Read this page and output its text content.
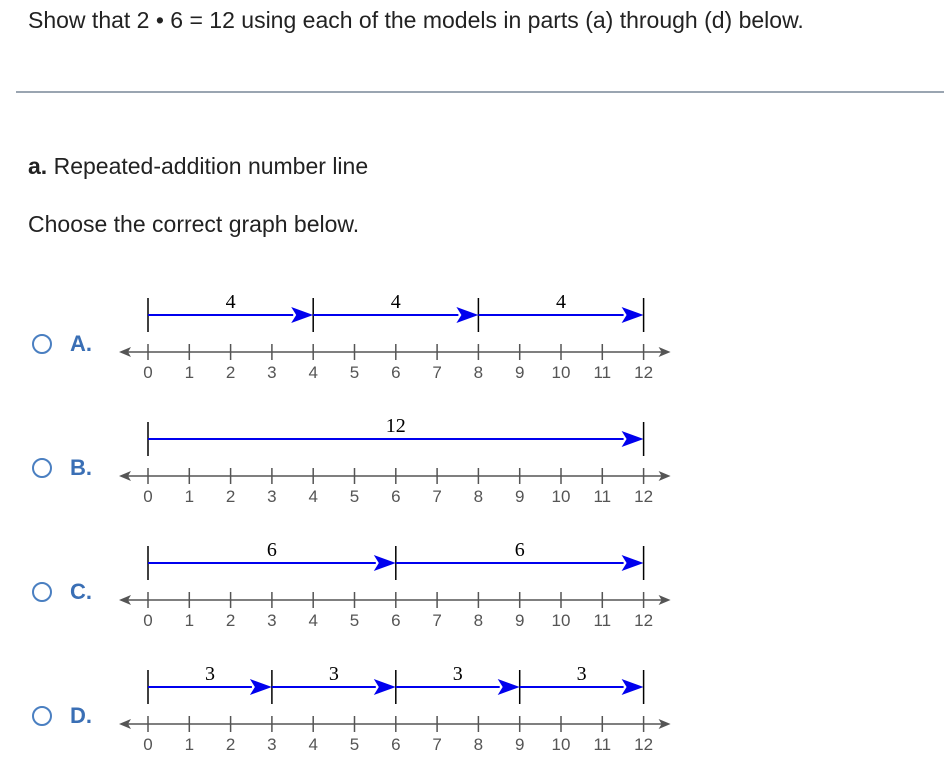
Show that 2 • 6 = 12 using each of the models in parts (a) through (d) below.
a. Repeated-addition number line
Choose the correct graph below.
A.
0 1 2 3 4 5 6 7 8 9 10 11 12
4	4	4
B.
0 1 2 3 4 5 6 7 8 9 10 11 12
12
C.
0 1 2 3 4 5 6 7 8 9 10 11 12
6	6
D.
0 1 2 3 4 5 6 7 8 9 10 11 12
3	3	3	3
